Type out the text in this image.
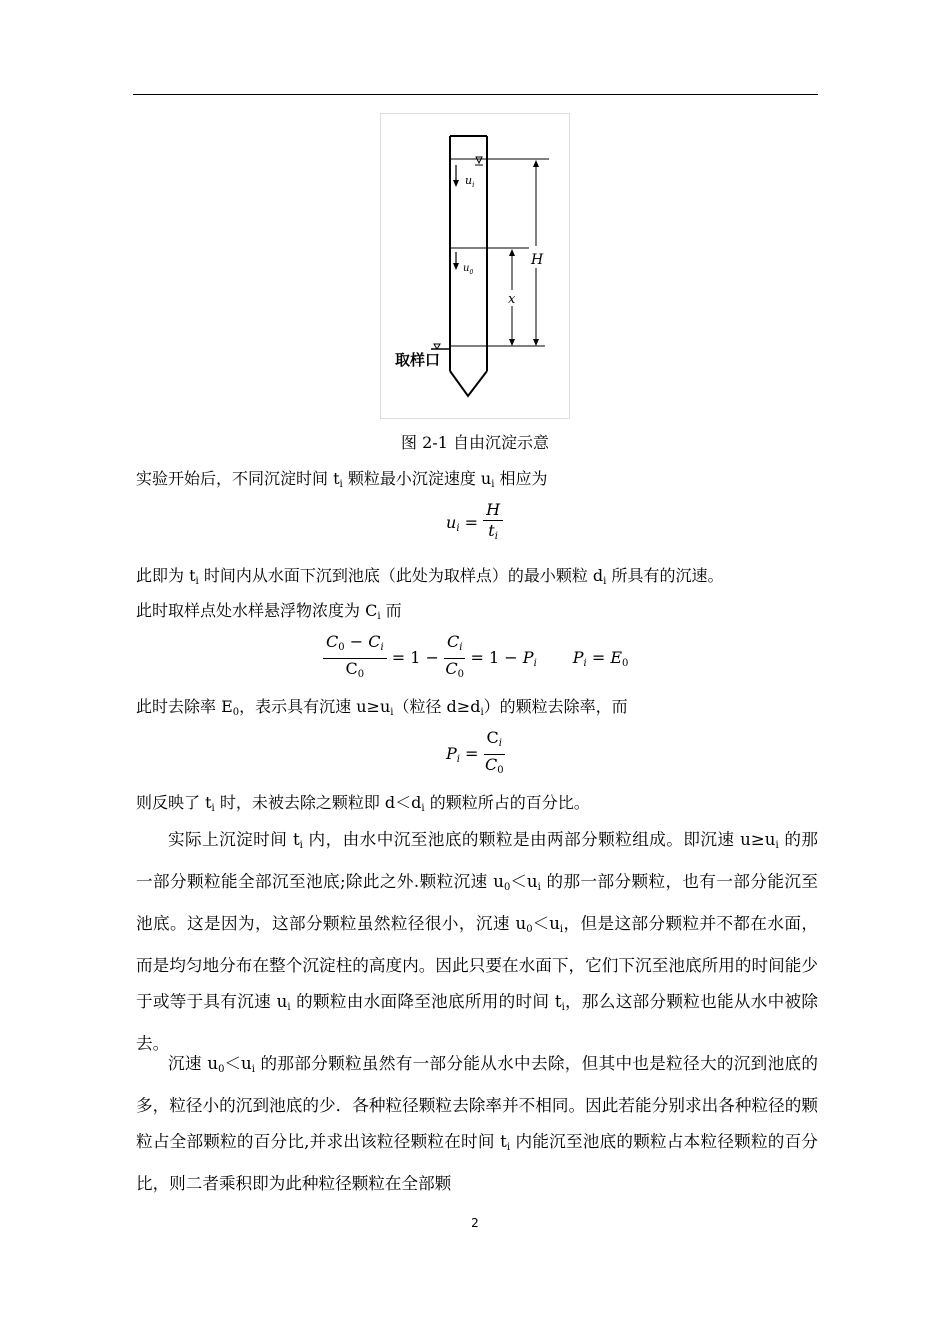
$u_i$
$u_0$
H
x
取样口
图 2-1 自由沉淀示意
实验开始后，不同沉淀时间 $t_i$ 颗粒最小沉淀速度 $u_i$ 相应为
$u_i = \frac{H}{t_i}$
此即为 $t_i$ 时间内从水面下沉到池底（此处为取样点）的最小颗粒 $d_i$ 所具有的沉速。
此时取样点处水样悬浮物浓度为 $C_i$ 而
$\frac{C_0 - C_i}{C_0} = 1 - \frac{C_i}{C_0} = 1 - P_i$ $P_i = E_0$
此时去除率 $E_0$，表示具有沉速 $u\ge u_i$（粒径 $d\ge d_i$）的颗粒去除率，而
$P_i = \frac{C_i}{C_0}$
则反映了 $t_i$ 时，未被去除之颗粒即 $d<d_i$ 的颗粒所占的百分比。
实际上沉淀时间 $t_i$ 内，由水中沉至池底的颗粒是由两部分颗粒组成。即沉速 $u\ge u_i$ 的那一部分颗粒能全部沉至池底;除此之外.颗粒沉速 $u_0<u_i$ 的那一部分颗粒，也有一部分能沉至池底。这是因为，这部分颗粒虽然粒径很小，沉速 $u_0<u_i$，但是这部分颗粒并不都在水面，而是均匀地分布在整个沉淀柱的高度内。因此只要在水面下，它们下沉至池底所用的时间能少于或等于具有沉速 $u_i$ 的颗粒由水面降至池底所用的时间 $t_i$，那么这部分颗粒也能从水中被除去。
沉速 $u_0<u_i$ 的那部分颗粒虽然有一部分能从水中去除，但其中也是粒径大的沉到池底的多，粒径小的沉到池底的少．各种粒径颗粒去除率并不相同。因此若能分别求出各种粒径的颗粒占全部颗粒的百分比,并求出该粒径颗粒在时间 $t_i$ 内能沉至池底的颗粒占本粒径颗粒的百分比，则二者乘积即为此种粒径颗粒在全部颗
2
